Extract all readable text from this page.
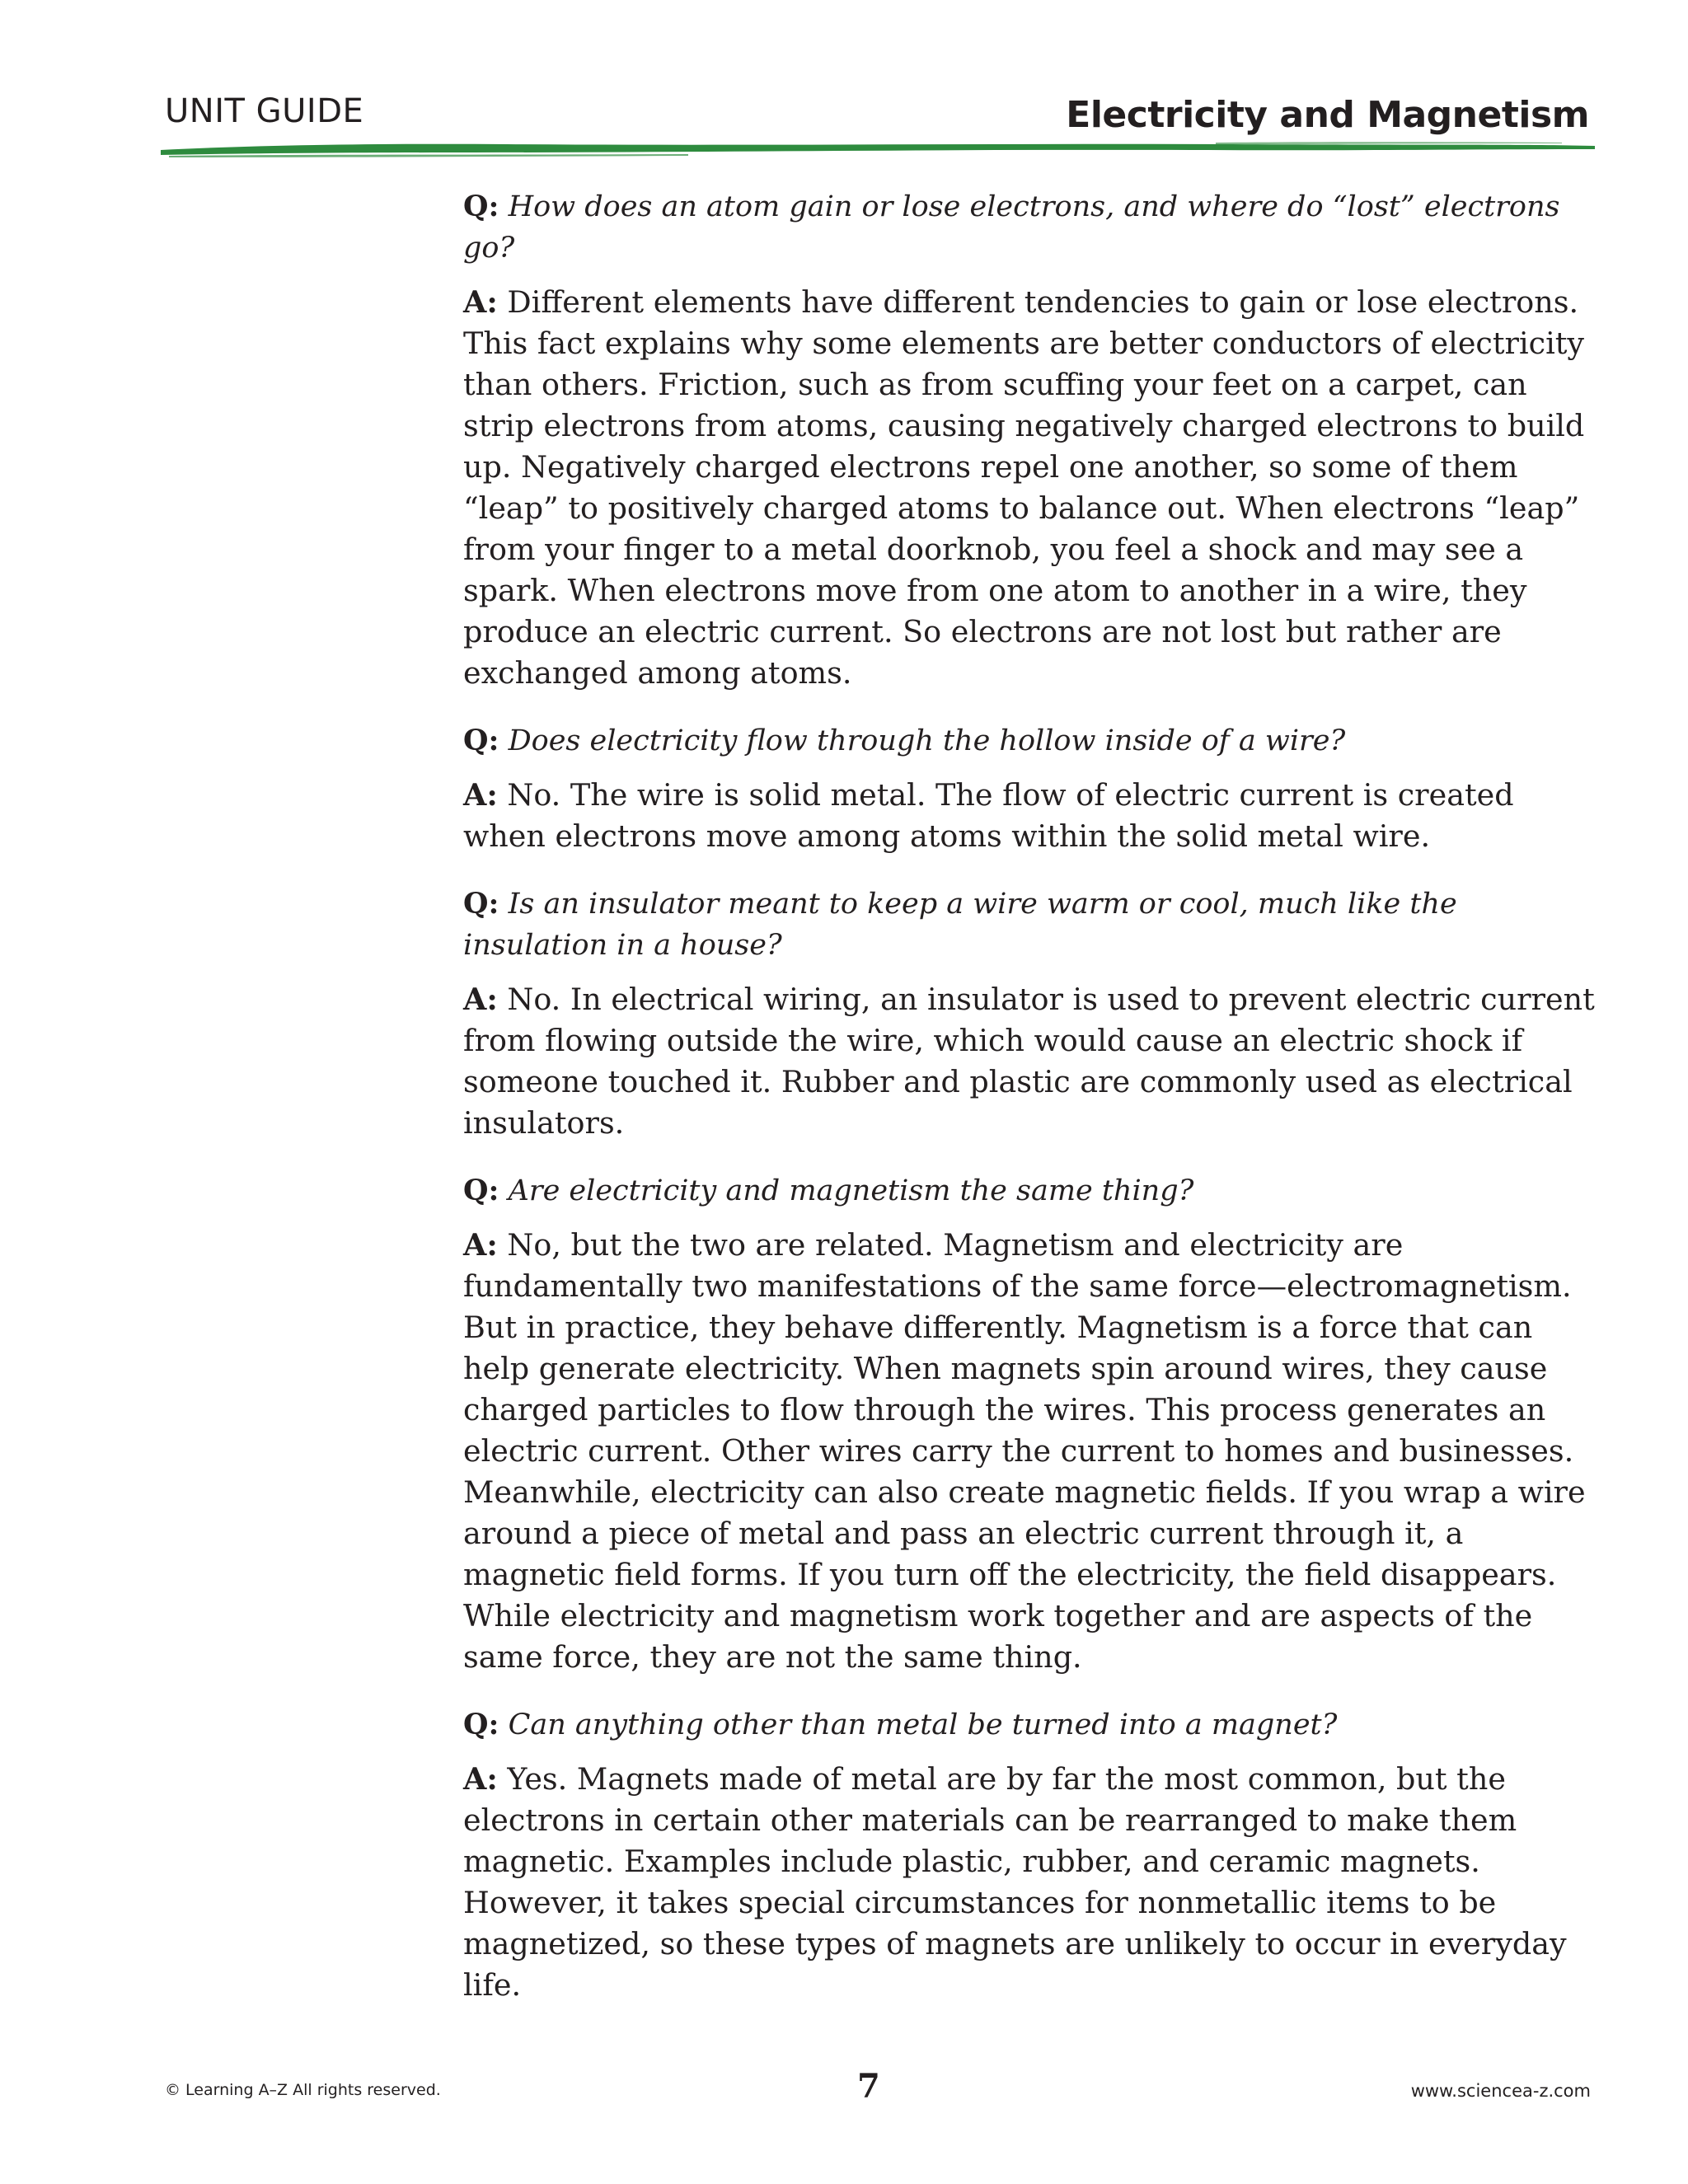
UNIT GUIDE	Electricity and Magnetism

Q: How does an atom gain or lose electrons, and where do “lost” electrons go?

A: Different elements have different tendencies to gain or lose electrons. This fact explains why some elements are better conductors of electricity than others. Friction, such as from scuffing your feet on a carpet, can strip electrons from atoms, causing negatively charged electrons to build up. Negatively charged electrons repel one another, so some of them “leap” to positively charged atoms to balance out. When electrons “leap” from your finger to a metal doorknob, you feel a shock and may see a spark. When electrons move from one atom to another in a wire, they produce an electric current. So electrons are not lost but rather are exchanged among atoms.

Q: Does electricity flow through the hollow inside of a wire?

A: No. The wire is solid metal. The flow of electric current is created when electrons move among atoms within the solid metal wire.

Q: Is an insulator meant to keep a wire warm or cool, much like the insulation in a house?

A: No. In electrical wiring, an insulator is used to prevent electric current from flowing outside the wire, which would cause an electric shock if someone touched it. Rubber and plastic are commonly used as electrical insulators.

Q: Are electricity and magnetism the same thing?

A: No, but the two are related. Magnetism and electricity are fundamentally two manifestations of the same force—electromagnetism. But in practice, they behave differently. Magnetism is a force that can help generate electricity. When magnets spin around wires, they cause charged particles to flow through the wires. This process generates an electric current. Other wires carry the current to homes and businesses. Meanwhile, electricity can also create magnetic fields. If you wrap a wire around a piece of metal and pass an electric current through it, a magnetic field forms. If you turn off the electricity, the field disappears. While electricity and magnetism work together and are aspects of the same force, they are not the same thing.

Q: Can anything other than metal be turned into a magnet?

A: Yes. Magnets made of metal are by far the most common, but the electrons in certain other materials can be rearranged to make them magnetic. Examples include plastic, rubber, and ceramic magnets. However, it takes special circumstances for nonmetallic items to be magnetized, so these types of magnets are unlikely to occur in everyday life.

© Learning A–Z All rights reserved.	7	www.sciencea-z.com
